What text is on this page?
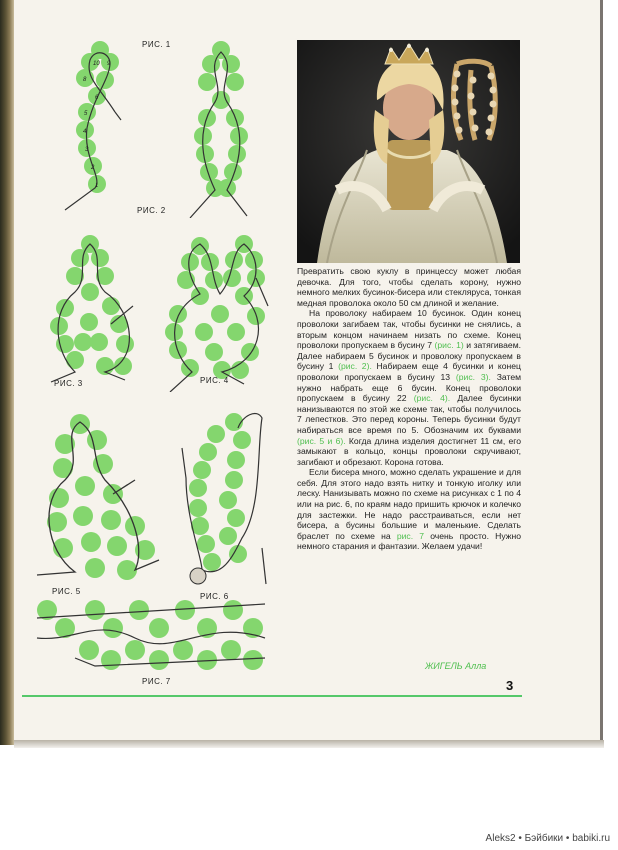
10 9
8
6
5
4
3
2
1
РИС. 1
РИС. 2
РИС. 3	РИС. 4
РИС. 5
РИС. 6
РИС. 7

Превратить свою куклу в принцессу может любая девочка. Для того, чтобы сделать корону, нужно немного мелких бусинок-бисера или стекляруса, тонкая медная проволока около 50 см длиной и желание.

На проволоку набираем 10 бусинок. Один конец проволоки загибаем так, чтобы бусинки не снялись, а вторым концом начинаем низать по схеме. Конец проволоки пропускаем в бусину 7 (рис. 1) и затягиваем. Далее набираем 5 бусинок и проволоку пропускаем в бусину 1 (рис. 2). Набираем еще 4 бусинки и конец проволоки пропускаем в бусину 13 (рис. 3). Затем нужно набрать еще 6 бусин. Конец проволоки пропускаем в бусину 22 (рис. 4). Далее бусинки нанизываются по этой же схеме так, чтобы получилось 7 лепестков. Это перед короны. Теперь бусинки будут набираться все время по 5. Обозначим их буквами (рис. 5 и 6). Когда длина изделия достигнет 11 см, его замыкают в кольцо, концы проволоки скручивают, загибают и обрезают. Корона готова.

Если бисера много, можно сделать украшение и для себя. Для этого надо взять нитку и тонкую иголку или леску. Нанизывать можно по схеме на рисунках с 1 по 4 или на рис. 6, по краям надо пришить крючок и колечко для застежки. Не надо расстраиваться, если нет бисера, а бусины большие и маленькие. Сделать браслет по схеме на рис. 7 очень просто. Нужно немного старания и фантазии. Желаем удачи!

ЖИГЕЛЬ Алла
3
Aleks2 • Бэйбики • babiki.ru
